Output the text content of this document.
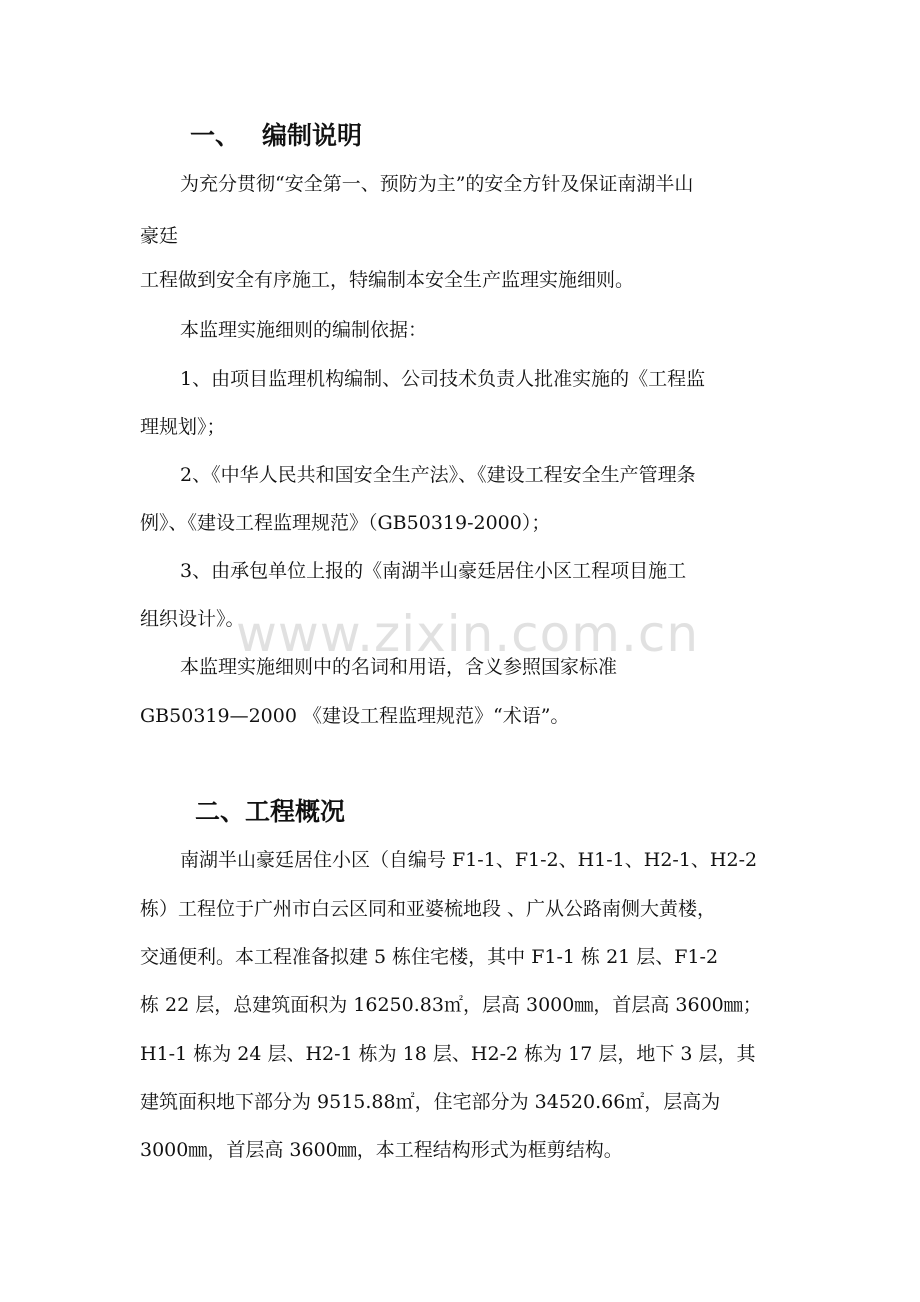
一、 编制说明
为充分贯彻“安全第一、预防为主”的安全方针及保证南湖半山
豪廷
工程做到安全有序施工，特编制本安全生产监理实施细则。
本监理实施细则的编制依据：
1、由项目监理机构编制、公司技术负责人批准实施的《工程监
理规划》；
2、《中华人民共和国安全生产法》、《建设工程安全生产管理条
例》、《建设工程监理规范》（GB50319-2000）；
3、由承包单位上报的《南湖半山豪廷居住小区工程项目施工
组织设计》。
本监理实施细则中的名词和用语，含义参照国家标准
GB50319—2000 《建设工程监理规范》“术语”。
二、工程概况
南湖半山豪廷居住小区（自编号 F1-1、F1-2、H1-1、H2-1、H2-2
栋）工程位于广州市白云区同和亚婆梳地段 、广从公路南侧大黄楼，
交通便利。本工程准备拟建 5 栋住宅楼，其中 F1-1 栋 21 层、F1-2
栋 22 层，总建筑面积为 16250.83㎡，层高 3000㎜，首层高 3600㎜；
H1-1 栋为 24 层、H2-1 栋为 18 层、H2-2 栋为 17 层，地下 3 层，其
建筑面积地下部分为 9515.88㎡，住宅部分为 34520.66㎡，层高为
3000㎜，首层高 3600㎜，本工程结构形式为框剪结构。
www.zixin.com.cn
